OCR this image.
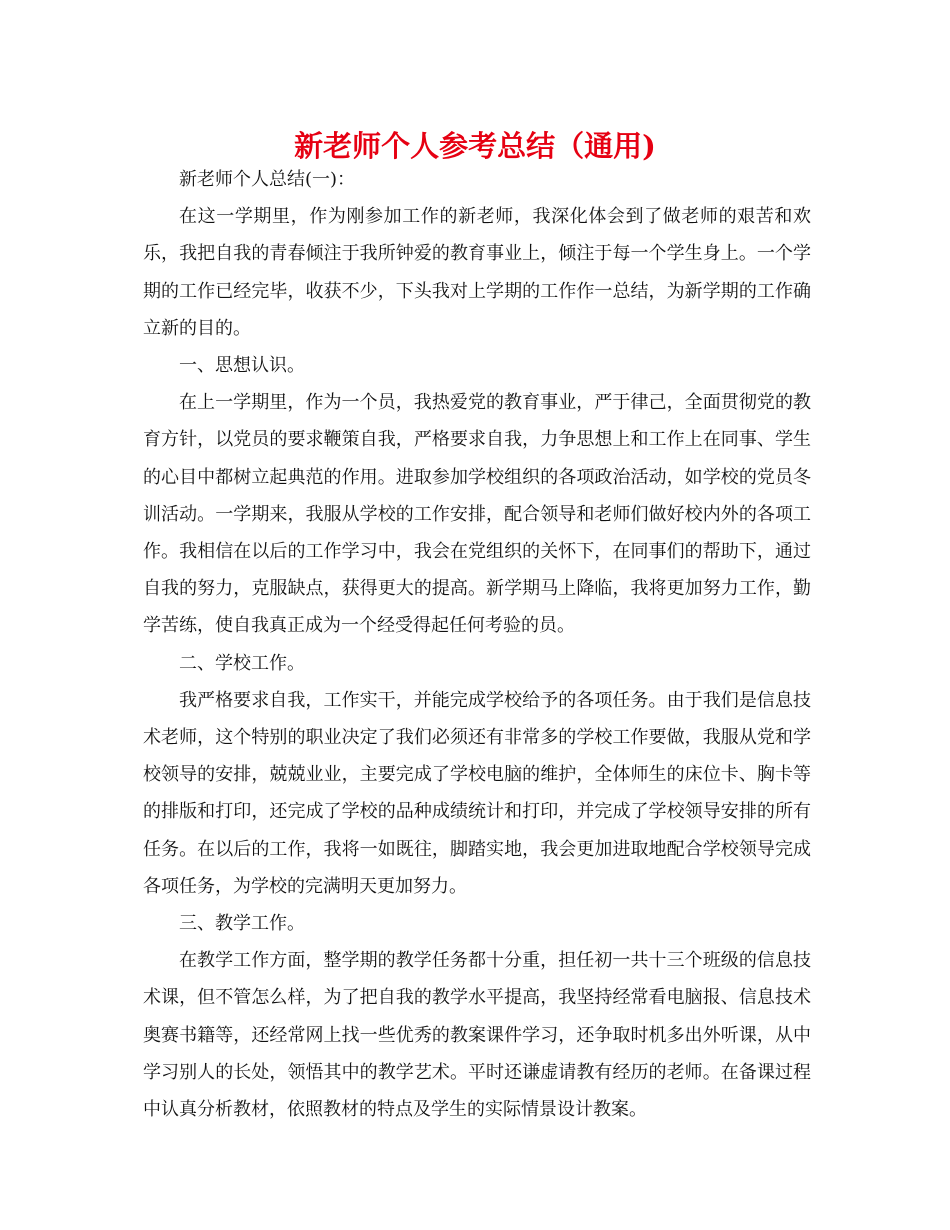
新老师个人参考总结（通用)

新老师个人总结(一)：

在这一学期里，作为刚参加工作的新老师，我深化体会到了做老师的艰苦和欢乐，我把自我的青春倾注于我所钟爱的教育事业上，倾注于每一个学生身上。一个学期的工作已经完毕，收获不少，下头我对上学期的工作作一总结，为新学期的工作确立新的目的。

一、思想认识。

在上一学期里，作为一个员，我热爱党的教育事业，严于律己，全面贯彻党的教育方针，以党员的要求鞭策自我，严格要求自我，力争思想上和工作上在同事、学生的心目中都树立起典范的作用。进取参加学校组织的各项政治活动，如学校的党员冬训活动。一学期来，我服从学校的工作安排，配合领导和老师们做好校内外的各项工作。我相信在以后的工作学习中，我会在党组织的关怀下，在同事们的帮助下，通过自我的努力，克服缺点，获得更大的提高。新学期马上降临，我将更加努力工作，勤学苦练，使自我真正成为一个经受得起任何考验的员。

二、学校工作。

我严格要求自我，工作实干，并能完成学校给予的各项任务。由于我们是信息技术老师，这个特别的职业决定了我们必须还有非常多的学校工作要做，我服从党和学校领导的安排，兢兢业业，主要完成了学校电脑的维护，全体师生的床位卡、胸卡等的排版和打印，还完成了学校的品种成绩统计和打印，并完成了学校领导安排的所有任务。在以后的工作，我将一如既往，脚踏实地，我会更加进取地配合学校领导完成各项任务，为学校的完满明天更加努力。

三、教学工作。

在教学工作方面，整学期的教学任务都十分重，担任初一共十三个班级的信息技术课，但不管怎么样，为了把自我的教学水平提高，我坚持经常看电脑报、信息技术奥赛书籍等，还经常网上找一些优秀的教案课件学习，还争取时机多出外听课，从中学习别人的长处，领悟其中的教学艺术。平时还谦虚请教有经历的老师。在备课过程中认真分析教材，依照教材的特点及学生的实际情景设计教案。
